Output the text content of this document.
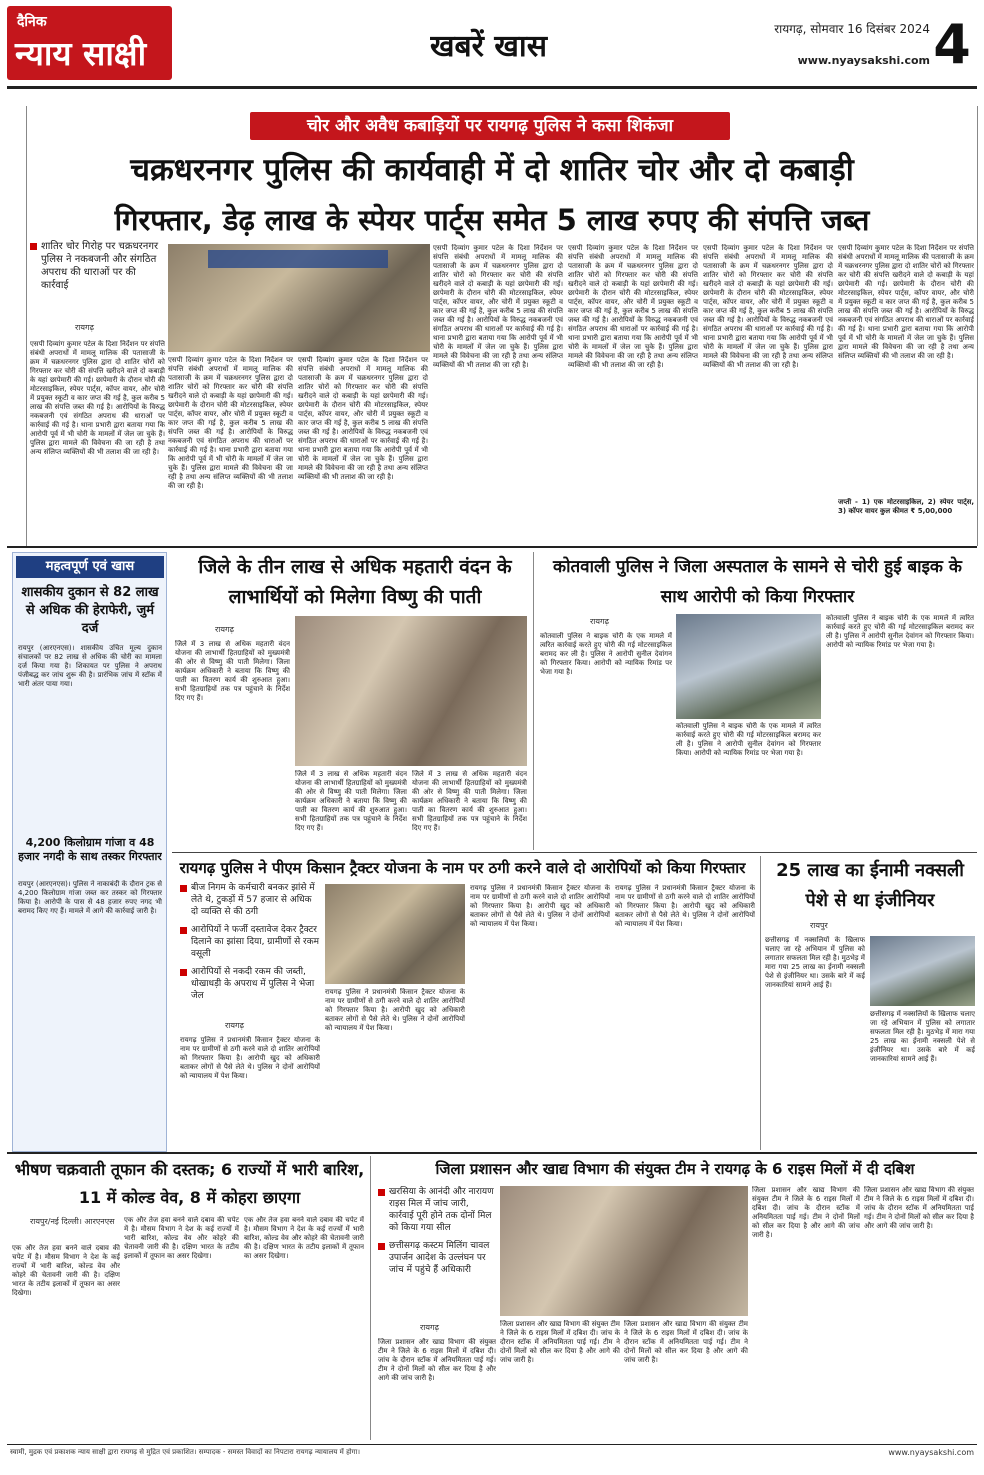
दैनिक
न्याय साक्षी	खबरें खास	रायगढ़, सोमवार 16 दिसंबर 2024
www.nyaysakshi.com 4
चोर और अवैध कबाड़ियों पर रायगढ़ पुलिस ने कसा शिकंजा
चक्रधरनगर पुलिस की कार्यवाही में दो शातिर चोर और दो कबाड़ी
गिरफ्तार, डेढ़ लाख के स्पेयर पार्ट्स समेत 5 लाख रुपए की संपत्ति जब्त
शातिर चोर गिरोह पर चक्रधरनगर पुलिस ने नकबजनी और संगठित अपराध की धाराओं पर की कार्रवाई
रायगढ़
एसपी दिव्यांग कुमार पटेल के दिशा निर्देशन पर संपत्ति संबंधी अपराधों में मामलू मालिक की पतासाजी के क्रम में चक्रधरनगर पुलिस द्वारा दो शातिर चोरों को गिरफ्तार कर चोरी की संपत्ति खरीदने वाले दो कबाड़ी के यहां छापेमारी की गई। छापेमारी के दौरान चोरी की मोटरसाइकिल, स्पेयर पार्ट्स, कॉपर वायर, और चोरी में प्रयुक्त स्कूटी व कार जप्त की गई है, कुल करीब 5 लाख की संपत्ति जब्त की गई है। आरोपियों के विरुद्ध नकबजनी एवं संगठित अपराध की धाराओं पर कार्रवाई की गई है। थाना प्रभारी द्वारा बताया गया कि आरोपी पूर्व में भी चोरी के मामलों में जेल जा चुके हैं। पुलिस द्वारा मामले की विवेचना की जा रही है तथा अन्य संलिप्त व्यक्तियों की भी तलाश की जा रही है।
एसपी दिव्यांग कुमार पटेल के दिशा निर्देशन पर संपत्ति संबंधी अपराधों में मामलू मालिक की पतासाजी के क्रम में चक्रधरनगर पुलिस द्वारा दो शातिर चोरों को गिरफ्तार कर चोरी की संपत्ति खरीदने वाले दो कबाड़ी के यहां छापेमारी की गई। छापेमारी के दौरान चोरी की मोटरसाइकिल, स्पेयर पार्ट्स, कॉपर वायर, और चोरी में प्रयुक्त स्कूटी व कार जप्त की गई है, कुल करीब 5 लाख की संपत्ति जब्त की गई है। आरोपियों के विरुद्ध नकबजनी एवं संगठित अपराध की धाराओं पर कार्रवाई की गई है। थाना प्रभारी द्वारा बताया गया कि आरोपी पूर्व में भी चोरी के मामलों में जेल जा चुके हैं। पुलिस द्वारा मामले की विवेचना की जा रही है तथा अन्य संलिप्त व्यक्तियों की भी तलाश की जा रही है।
एसपी दिव्यांग कुमार पटेल के दिशा निर्देशन पर संपत्ति संबंधी अपराधों में मामलू मालिक की पतासाजी के क्रम में चक्रधरनगर पुलिस द्वारा दो शातिर चोरों को गिरफ्तार कर चोरी की संपत्ति खरीदने वाले दो कबाड़ी के यहां छापेमारी की गई। छापेमारी के दौरान चोरी की मोटरसाइकिल, स्पेयर पार्ट्स, कॉपर वायर, और चोरी में प्रयुक्त स्कूटी व कार जप्त की गई है, कुल करीब 5 लाख की संपत्ति जब्त की गई है। आरोपियों के विरुद्ध नकबजनी एवं संगठित अपराध की धाराओं पर कार्रवाई की गई है। थाना प्रभारी द्वारा बताया गया कि आरोपी पूर्व में भी चोरी के मामलों में जेल जा चुके हैं। पुलिस द्वारा मामले की विवेचना की जा रही है तथा अन्य संलिप्त व्यक्तियों की भी तलाश की जा रही है।
एसपी दिव्यांग कुमार पटेल के दिशा निर्देशन पर संपत्ति संबंधी अपराधों में मामलू मालिक की पतासाजी के क्रम में चक्रधरनगर पुलिस द्वारा दो शातिर चोरों को गिरफ्तार कर चोरी की संपत्ति खरीदने वाले दो कबाड़ी के यहां छापेमारी की गई। छापेमारी के दौरान चोरी की मोटरसाइकिल, स्पेयर पार्ट्स, कॉपर वायर, और चोरी में प्रयुक्त स्कूटी व कार जप्त की गई है, कुल करीब 5 लाख की संपत्ति जब्त की गई है। आरोपियों के विरुद्ध नकबजनी एवं संगठित अपराध की धाराओं पर कार्रवाई की गई है। थाना प्रभारी द्वारा बताया गया कि आरोपी पूर्व में भी चोरी के मामलों में जेल जा चुके हैं। पुलिस द्वारा मामले की विवेचना की जा रही है तथा अन्य संलिप्त व्यक्तियों की भी तलाश की जा रही है।
एसपी दिव्यांग कुमार पटेल के दिशा निर्देशन पर संपत्ति संबंधी अपराधों में मामलू मालिक की पतासाजी के क्रम में चक्रधरनगर पुलिस द्वारा दो शातिर चोरों को गिरफ्तार कर चोरी की संपत्ति खरीदने वाले दो कबाड़ी के यहां छापेमारी की गई। छापेमारी के दौरान चोरी की मोटरसाइकिल, स्पेयर पार्ट्स, कॉपर वायर, और चोरी में प्रयुक्त स्कूटी व कार जप्त की गई है, कुल करीब 5 लाख की संपत्ति जब्त की गई है। आरोपियों के विरुद्ध नकबजनी एवं संगठित अपराध की धाराओं पर कार्रवाई की गई है। थाना प्रभारी द्वारा बताया गया कि आरोपी पूर्व में भी चोरी के मामलों में जेल जा चुके हैं। पुलिस द्वारा मामले की विवेचना की जा रही है तथा अन्य संलिप्त व्यक्तियों की भी तलाश की जा रही है।
एसपी दिव्यांग कुमार पटेल के दिशा निर्देशन पर संपत्ति संबंधी अपराधों में मामलू मालिक की पतासाजी के क्रम में चक्रधरनगर पुलिस द्वारा दो शातिर चोरों को गिरफ्तार कर चोरी की संपत्ति खरीदने वाले दो कबाड़ी के यहां छापेमारी की गई। छापेमारी के दौरान चोरी की मोटरसाइकिल, स्पेयर पार्ट्स, कॉपर वायर, और चोरी में प्रयुक्त स्कूटी व कार जप्त की गई है, कुल करीब 5 लाख की संपत्ति जब्त की गई है। आरोपियों के विरुद्ध नकबजनी एवं संगठित अपराध की धाराओं पर कार्रवाई की गई है। थाना प्रभारी द्वारा बताया गया कि आरोपी पूर्व में भी चोरी के मामलों में जेल जा चुके हैं। पुलिस द्वारा मामले की विवेचना की जा रही है तथा अन्य संलिप्त व्यक्तियों की भी तलाश की जा रही है।
एसपी दिव्यांग कुमार पटेल के दिशा निर्देशन पर संपत्ति संबंधी अपराधों में मामलू मालिक की पतासाजी के क्रम में चक्रधरनगर पुलिस द्वारा दो शातिर चोरों को गिरफ्तार कर चोरी की संपत्ति खरीदने वाले दो कबाड़ी के यहां छापेमारी की गई। छापेमारी के दौरान चोरी की मोटरसाइकिल, स्पेयर पार्ट्स, कॉपर वायर, और चोरी में प्रयुक्त स्कूटी व कार जप्त की गई है, कुल करीब 5 लाख की संपत्ति जब्त की गई है। आरोपियों के विरुद्ध नकबजनी एवं संगठित अपराध की धाराओं पर कार्रवाई की गई है। थाना प्रभारी द्वारा बताया गया कि आरोपी पूर्व में भी चोरी के मामलों में जेल जा चुके हैं। पुलिस द्वारा मामले की विवेचना की जा रही है तथा अन्य संलिप्त व्यक्तियों की भी तलाश की जा रही है।
जप्ती - 1) एक मोटरसाइकिल, 2) स्पेयर पार्ट्स, 3) कॉपर वायर कुल कीमत ₹ 5,00,000
महत्वपूर्ण एवं खास
शासकीय दुकान से 82 लाख से अधिक की हेराफेरी, जुर्म दर्ज
रायपुर (आरएनएस)। शासकीय उचित मूल्य दुकान संचालकों पर 82 लाख से अधिक की चोरी का मामला दर्ज किया गया है। शिकायत पर पुलिस ने अपराध पंजीबद्ध कर जांच शुरू की है। प्रारंभिक जांच में स्टॉक में भारी अंतर पाया गया।
4,200 किलोग्राम गांजा व 48 हजार नगदी के साथ तस्कर गिरफ्तार
रायपुर (आरएनएस)। पुलिस ने नाकाबंदी के दौरान ट्रक से 4,200 किलोग्राम गांजा जब्त कर तस्कर को गिरफ्तार किया है। आरोपी के पास से 48 हजार रुपए नगद भी बरामद किए गए हैं। मामले में आगे की कार्रवाई जारी है।
जिले के तीन लाख से अधिक महतारी वंदन के लाभार्थियों को मिलेगा विष्णु की पाती
रायगढ़
जिले में 3 लाख से अधिक महतारी वंदन योजना की लाभार्थी हितग्राहियों को मुख्यमंत्री की ओर से विष्णु की पाती मिलेगा। जिला कार्यक्रम अधिकारी ने बताया कि विष्णु की पाती का वितरण कार्य की शुरुआत हुआ। सभी हितग्राहियों तक पत्र पहुंचाने के निर्देश दिए गए हैं।
जिले में 3 लाख से अधिक महतारी वंदन योजना की लाभार्थी हितग्राहियों को मुख्यमंत्री की ओर से विष्णु की पाती मिलेगा। जिला कार्यक्रम अधिकारी ने बताया कि विष्णु की पाती का वितरण कार्य की शुरुआत हुआ। सभी हितग्राहियों तक पत्र पहुंचाने के निर्देश दिए गए हैं।
जिले में 3 लाख से अधिक महतारी वंदन योजना की लाभार्थी हितग्राहियों को मुख्यमंत्री की ओर से विष्णु की पाती मिलेगा। जिला कार्यक्रम अधिकारी ने बताया कि विष्णु की पाती का वितरण कार्य की शुरुआत हुआ। सभी हितग्राहियों तक पत्र पहुंचाने के निर्देश दिए गए हैं।
कोतवाली पुलिस ने जिला अस्पताल के सामने से चोरी हुई बाइक के साथ आरोपी को किया गिरफ्तार
रायगढ़
कोतवाली पुलिस ने बाइक चोरी के एक मामले में त्वरित कार्रवाई करते हुए चोरी की गई मोटरसाइकिल बरामद कर ली है। पुलिस ने आरोपी सुनील देवांगन को गिरफ्तार किया। आरोपी को न्यायिक रिमांड पर भेजा गया है।
कोतवाली पुलिस ने बाइक चोरी के एक मामले में त्वरित कार्रवाई करते हुए चोरी की गई मोटरसाइकिल बरामद कर ली है। पुलिस ने आरोपी सुनील देवांगन को गिरफ्तार किया। आरोपी को न्यायिक रिमांड पर भेजा गया है।
कोतवाली पुलिस ने बाइक चोरी के एक मामले में त्वरित कार्रवाई करते हुए चोरी की गई मोटरसाइकिल बरामद कर ली है। पुलिस ने आरोपी सुनील देवांगन को गिरफ्तार किया। आरोपी को न्यायिक रिमांड पर भेजा गया है।
रायगढ़ पुलिस ने पीएम किसान ट्रैक्टर योजना के नाम पर ठगी करने वाले दो आरोपियों को किया गिरफ्तार
बीज निगम के कर्मचारी बनकर झांसे में लेते थे, टुकड़ों में 57 हजार से अधिक दो व्यक्ति से की ठगी
आरोपियों ने फर्जी दस्तावेज देकर ट्रैक्टर दिलाने का झांसा दिया, ग्रामीणों से रकम वसूली
आरोपियों से नकदी रकम की जब्ती, धोखाधड़ी के अपराध में पुलिस ने भेजा जेल
रायगढ़
रायगढ़ पुलिस ने प्रधानमंत्री किसान ट्रैक्टर योजना के नाम पर ग्रामीणों से ठगी करने वाले दो शातिर आरोपियों को गिरफ्तार किया है। आरोपी खुद को अधिकारी बताकर लोगों से पैसे लेते थे। पुलिस ने दोनों आरोपियों को न्यायालय में पेश किया।
रायगढ़ पुलिस ने प्रधानमंत्री किसान ट्रैक्टर योजना के नाम पर ग्रामीणों से ठगी करने वाले दो शातिर आरोपियों को गिरफ्तार किया है। आरोपी खुद को अधिकारी बताकर लोगों से पैसे लेते थे। पुलिस ने दोनों आरोपियों को न्यायालय में पेश किया।
रायगढ़ पुलिस ने प्रधानमंत्री किसान ट्रैक्टर योजना के नाम पर ग्रामीणों से ठगी करने वाले दो शातिर आरोपियों को गिरफ्तार किया है। आरोपी खुद को अधिकारी बताकर लोगों से पैसे लेते थे। पुलिस ने दोनों आरोपियों को न्यायालय में पेश किया।
रायगढ़ पुलिस ने प्रधानमंत्री किसान ट्रैक्टर योजना के नाम पर ग्रामीणों से ठगी करने वाले दो शातिर आरोपियों को गिरफ्तार किया है। आरोपी खुद को अधिकारी बताकर लोगों से पैसे लेते थे। पुलिस ने दोनों आरोपियों को न्यायालय में पेश किया।
25 लाख का ईनामी नक्सली पेशे से था इंजीनियर
रायपुर
छत्तीसगढ़ में नक्सलियों के खिलाफ चलाए जा रहे अभियान में पुलिस को लगातार सफलता मिल रही है। मुठभेड़ में मारा गया 25 लाख का ईनामी नक्सली पेशे से इंजीनियर था। उसके बारे में कई जानकारियां सामने आई हैं।
छत्तीसगढ़ में नक्सलियों के खिलाफ चलाए जा रहे अभियान में पुलिस को लगातार सफलता मिल रही है। मुठभेड़ में मारा गया 25 लाख का ईनामी नक्सली पेशे से इंजीनियर था। उसके बारे में कई जानकारियां सामने आई हैं।
भीषण चक्रवाती तूफान की दस्तक; 6 राज्यों में भारी बारिश, 11 में कोल्ड वेव, 8 में कोहरा छाएगा
रायपुर/नई दिल्ली। आरएनएस
एक और तेज हवा बनने वाले दबाव की चपेट में है। मौसम विभाग ने देश के कई राज्यों में भारी बारिश, कोल्ड वेव और कोहरे की चेतावनी जारी की है। दक्षिण भारत के तटीय इलाकों में तूफान का असर दिखेगा।
एक और तेज हवा बनने वाले दबाव की चपेट में है। मौसम विभाग ने देश के कई राज्यों में भारी बारिश, कोल्ड वेव और कोहरे की चेतावनी जारी की है। दक्षिण भारत के तटीय इलाकों में तूफान का असर दिखेगा।
एक और तेज हवा बनने वाले दबाव की चपेट में है। मौसम विभाग ने देश के कई राज्यों में भारी बारिश, कोल्ड वेव और कोहरे की चेतावनी जारी की है। दक्षिण भारत के तटीय इलाकों में तूफान का असर दिखेगा।
जिला प्रशासन और खाद्य विभाग की संयुक्त टीम ने रायगढ़ के 6 राइस मिलों में दी दबिश
खरसिया के आनंदी और नारायण राइस मिल में जांच जारी, कार्रवाई पूरी होने तक दोनों मिल को किया गया सील
छत्तीसगढ़ कस्टम मिलिंग चावल उपार्जन आदेश के उल्लंघन पर जांच में पहुंचे हैं अधिकारी
रायगढ़
जिला प्रशासन और खाद्य विभाग की संयुक्त टीम ने जिले के 6 राइस मिलों में दबिश दी। जांच के दौरान स्टॉक में अनियमितता पाई गई। टीम ने दोनों मिलों को सील कर दिया है और आगे की जांच जारी है।
जिला प्रशासन और खाद्य विभाग की संयुक्त टीम ने जिले के 6 राइस मिलों में दबिश दी। जांच के दौरान स्टॉक में अनियमितता पाई गई। टीम ने दोनों मिलों को सील कर दिया है और आगे की जांच जारी है।
जिला प्रशासन और खाद्य विभाग की संयुक्त टीम ने जिले के 6 राइस मिलों में दबिश दी। जांच के दौरान स्टॉक में अनियमितता पाई गई। टीम ने दोनों मिलों को सील कर दिया है और आगे की जांच जारी है।
जिला प्रशासन और खाद्य विभाग की संयुक्त टीम ने जिले के 6 राइस मिलों में दबिश दी। जांच के दौरान स्टॉक में अनियमितता पाई गई। टीम ने दोनों मिलों को सील कर दिया है और आगे की जांच जारी है।
जिला प्रशासन और खाद्य विभाग की संयुक्त टीम ने जिले के 6 राइस मिलों में दबिश दी। जांच के दौरान स्टॉक में अनियमितता पाई गई। टीम ने दोनों मिलों को सील कर दिया है और आगे की जांच जारी है।
स्वामी, मुद्रक एवं प्रकाशक न्याय साक्षी द्वारा रायगढ़ से मुद्रित एवं प्रकाशित। सम्पादक - समस्त विवादों का निपटारा रायगढ़ न्यायालय में होगा।	www.nyaysakshi.com
